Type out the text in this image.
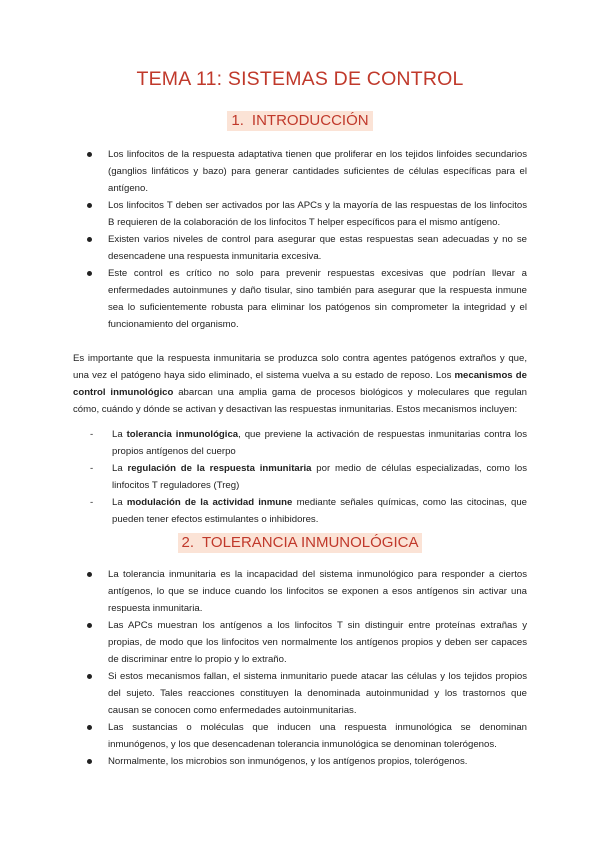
TEMA 11: SISTEMAS DE CONTROL
1. INTRODUCCIÓN
Los linfocitos de la respuesta adaptativa tienen que proliferar en los tejidos linfoides secundarios (ganglios linfáticos y bazo) para generar cantidades suficientes de células específicas para el antígeno.
Los linfocitos T deben ser activados por las APCs y la mayoría de las respuestas de los linfocitos B requieren de la colaboración de los linfocitos T helper específicos para el mismo antígeno.
Existen varios niveles de control para asegurar que estas respuestas sean adecuadas y no se desencadene una respuesta inmunitaria excesiva.
Este control es crítico no solo para prevenir respuestas excesivas que podrían llevar a enfermedades autoinmunes y daño tisular, sino también para asegurar que la respuesta inmune sea lo suficientemente robusta para eliminar los patógenos sin comprometer la integridad y el funcionamiento del organismo.

Es importante que la respuesta inmunitaria se produzca solo contra agentes patógenos extraños y que, una vez el patógeno haya sido eliminado, el sistema vuelva a su estado de reposo. Los mecanismos de control inmunológico abarcan una amplia gama de procesos biológicos y moleculares que regulan cómo, cuándo y dónde se activan y desactivan las respuestas inmunitarias. Estos mecanismos incluyen:

- La tolerancia inmunológica, que previene la activación de respuestas inmunitarias contra los propios antígenos del cuerpo
- La regulación de la respuesta inmunitaria por medio de células especializadas, como los linfocitos T reguladores (Treg)
- La modulación de la actividad inmune mediante señales químicas, como las citocinas, que pueden tener efectos estimulantes o inhibidores.
2. TOLERANCIA INMUNOLÓGICA
La tolerancia inmunitaria es la incapacidad del sistema inmunológico para responder a ciertos antígenos, lo que se induce cuando los linfocitos se exponen a esos antígenos sin activar una respuesta inmunitaria.
Las APCs muestran los antígenos a los linfocitos T sin distinguir entre proteínas extrañas y propias, de modo que los linfocitos ven normalmente los antígenos propios y deben ser capaces de discriminar entre lo propio y lo extraño.
Si estos mecanismos fallan, el sistema inmunitario puede atacar las células y los tejidos propios del sujeto. Tales reacciones constituyen la denominada autoinmunidad y los trastornos que causan se conocen como enfermedades autoinmunitarias.
Las sustancias o moléculas que inducen una respuesta inmunológica se denominan inmunógenos, y los que desencadenan tolerancia inmunológica se denominan tolerógenos.
Normalmente, los microbios son inmunógenos, y los antígenos propios, tolerógenos.
